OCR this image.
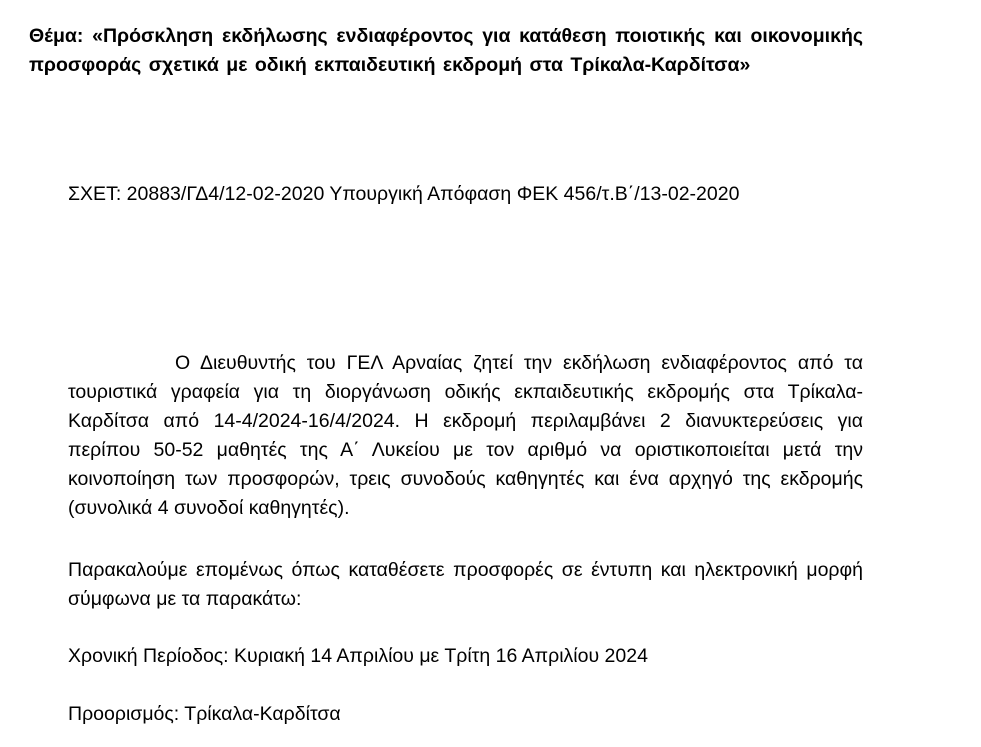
Θέμα: «Πρόσκληση εκδήλωσης ενδιαφέροντος για κατάθεση ποιοτικής και οικονομικής προσφοράς σχετικά με οδική εκπαιδευτική εκδρομή στα Τρίκαλα-Καρδίτσα»
ΣΧΕΤ: 20883/ΓΔ4/12-02-2020 Υπουργική Απόφαση ΦΕΚ 456/τ.Β΄/13-02-2020
Ο Διευθυντής του ΓΕΛ Αρναίας ζητεί την εκδήλωση ενδιαφέροντος από τα τουριστικά γραφεία για τη διοργάνωση οδικής εκπαιδευτικής εκδρομής στα Τρίκαλα-Καρδίτσα από 14-4/2024-16/4/2024. Η εκδρομή περιλαμβάνει 2 διανυκτερεύσεις για περίπου 50-52 μαθητές της Α΄ Λυκείου με τον αριθμό να οριστικοποιείται μετά την κοινοποίηση των προσφορών, τρεις συνοδούς καθηγητές και ένα αρχηγό της εκδρομής (συνολικά 4 συνοδοί καθηγητές).
Παρακαλούμε επομένως όπως καταθέσετε προσφορές σε έντυπη και ηλεκτρονική μορφή σύμφωνα με τα παρακάτω:
Χρονική Περίοδος: Κυριακή 14 Απριλίου με Τρίτη 16 Απριλίου 2024
Προορισμός: Τρίκαλα-Καρδίτσα
